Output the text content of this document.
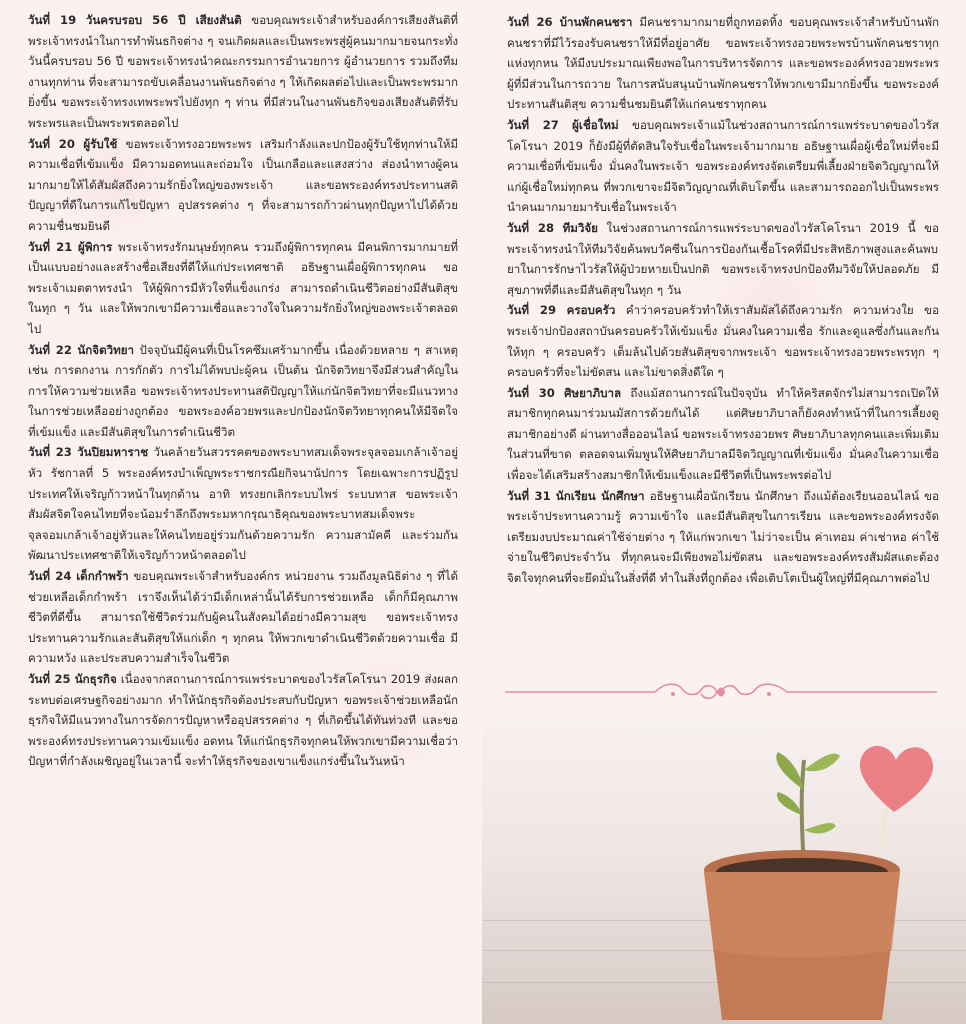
วันที่ 19 วันครบรอบ 56 ปี เสียงสันติ ขอบคุณพระเจ้าสำหรับองค์การเสียงสันติที่พระเจ้าทรงนำในการทำพันธกิจต่าง ๆ จนเกิดผลและเป็นพระพรสู่ผู้คนมากมายจนกระทั่งวันนี้ครบรอบ 56 ปี ขอพระเจ้าทรงนำคณะกรรมการอำนวยการ ผู้อำนวยการ รวมถึงทีมงานทุกท่าน ที่จะสามารถขับเคลื่อนงานพันธกิจต่าง ๆ ให้เกิดผลต่อไปและเป็นพระพรมากยิ่งขึ้น ขอพระเจ้าทรงเทพระพรไปยังทุก ๆ ท่าน ที่มีส่วนในงานพันธกิจของเสียงสันติที่รับพระพรและเป็นพระพรตลอดไป

วันที่ 20 ผู้รับใช้ ขอพระเจ้าทรงอวยพระพร เสริมกำลังและปกป้องผู้รับใช้ทุกท่านให้มีความเชื่อที่เข้มแข็ง มีความอดทนและถ่อมใจ เป็นเกลือและแสงสว่าง ส่องนำทางผู้คนมากมายให้ได้สัมผัสถึงความรักยิ่งใหญ่ของพระเจ้า และขอพระองค์ทรงประทานสติปัญญาที่ดีในการแก้ไขปัญหา อุปสรรคต่าง ๆ ที่จะสามารถก้าวผ่านทุกปัญหาไปได้ด้วยความชื่นชมยินดี

วันที่ 21 ผู้พิการ พระเจ้าทรงรักมนุษย์ทุกคน รวมถึงผู้พิการทุกคน มีคนพิการมากมายที่เป็นแบบอย่างและสร้างชื่อเสียงที่ดีให้แก่ประเทศชาติ อธิษฐานเผื่อผู้พิการทุกคน ขอพระเจ้าเมตตาทรงนำ ให้ผู้พิการมีหัวใจที่แข็งแกร่ง สามารถดำเนินชีวิตอย่างมีสันติสุขในทุก ๆ วัน และให้พวกเขามีความเชื่อและวางใจในความรักยิ่งใหญ่ของพระเจ้าตลอดไป

วันที่ 22 นักจิตวิทยา ปัจจุบันมีผู้คนที่เป็นโรคซึมเศร้ามากขึ้น เนื่องด้วยหลาย ๆ สาเหตุ เช่น การตกงาน การกักตัว การไม่ได้พบปะผู้คน เป็นต้น นักจิตวิทยาจึงมีส่วนสำคัญในการให้ความช่วยเหลือ ขอพระเจ้าทรงประทานสติปัญญาให้แก่นักจิตวิทยาที่จะมีแนวทางในการช่วยเหลืออย่างถูกต้อง ขอพระองค์อวยพรและปกป้องนักจิตวิทยาทุกคนให้มีจิตใจ ที่เข้มแข็ง และมีสันติสุขในการดำเนินชีวิต

วันที่ 23 วันปิยมหาราช วันคล้ายวันสวรรคตของพระบาทสมเด็จพระจุลจอมเกล้าเจ้าอยู่หัว รัชกาลที่ 5 พระองค์ทรงบำเพ็ญพระราชกรณียกิจนานัปการ โดยเฉพาะการปฏิรูปประเทศให้เจริญก้าวหน้าในทุกด้าน อาทิ ทรงยกเลิกระบบไพร่ ระบบทาส ขอพระเจ้าสัมผัสจิตใจคนไทยที่จะน้อมรำลึกถึงพระมหากรุณาธิคุณของพระบาทสมเด็จพระจุลจอมเกล้าเจ้าอยู่หัวและให้คนไทยอยู่ร่วมกันด้วยความรัก ความสามัคคี และร่วมกันพัฒนาประเทศชาติให้เจริญก้าวหน้าตลอดไป

วันที่ 24 เด็กกำพร้า ขอบคุณพระเจ้าสำหรับองค์กร หน่วยงาน รวมถึงมูลนิธิต่าง ๆ ที่ได้ช่วยเหลือเด็กกำพร้า เราจึงเห็นได้ว่ามีเด็กเหล่านั้นได้รับการช่วยเหลือ เด็กก็มีคุณภาพชีวิตที่ดีขึ้น สามารถใช้ชีวิตร่วมกับผู้คนในสังคมได้อย่างมีความสุข ขอพระเจ้าทรงประทานความรักและสันติสุขให้แก่เด็ก ๆ ทุกคน ให้พวกเขาดำเนินชีวิตด้วยความเชื่อ มีความหวัง และประสบความสำเร็จในชีวิต

วันที่ 25 นักธุรกิจ เนื่องจากสถานการณ์การแพร่ระบาดของไวรัสโคโรนา 2019 ส่งผลกระทบต่อเศรษฐกิจอย่างมาก ทำให้นักธุรกิจต้องประสบกับปัญหา ขอพระเจ้าช่วยเหลือนักธุรกิจให้มีแนวทางในการจัดการปัญหาหรืออุปสรรคต่าง ๆ ที่เกิดขึ้นได้ทันท่วงที และขอพระองค์ทรงประทานความเข้มแข็ง อดทน ให้แก่นักธุรกิจทุกคนให้พวกเขามีความเชื่อว่าปัญหาที่กำลังเผชิญอยู่ในเวลานี้ จะทำให้ธุรกิจของเขาแข็งแกร่งขึ้นในวันหน้า

วันที่ 26 บ้านพักคนชรา มีคนชรามากมายที่ถูกทอดทิ้ง ขอบคุณพระเจ้าสำหรับบ้านพักคนชราที่มีไว้รองรับคนชราให้มีที่อยู่อาศัย ขอพระเจ้าทรงอวยพระพรบ้านพักคนชราทุกแห่งทุกหน ให้มีงบประมาณเพียงพอในการบริหารจัดการ และขอพระองค์ทรงอวยพระพรผู้ที่มีส่วนในการถวาย ในการสนับสนุนบ้านพักคนชราให้พวกเขามีมากยิ่งขึ้น ขอพระองค์ประทานสันติสุข ความชื่นชมยินดีให้แก่คนชราทุกคน

วันที่ 27 ผู้เชื่อใหม่ ขอบคุณพระเจ้าแม้ในช่วงสถานการณ์การแพร่ระบาดของไวรัสโคโรนา 2019 ก็ยังมีผู้ที่ตัดสินใจรับเชื่อในพระเจ้ามากมาย อธิษฐานเผื่อผู้เชื่อใหม่ที่จะมีความเชื่อที่เข้มแข็ง มั่นคงในพระเจ้า ขอพระองค์ทรงจัดเตรียมพี่เลี้ยงฝ่ายจิตวิญญาณให้แก่ผู้เชื่อใหม่ทุกคน ที่พวกเขาจะมีจิตวิญญาณที่เติบโตขึ้น และสามารถออกไปเป็นพระพรนำคนมากมายมารับเชื่อในพระเจ้า

วันที่ 28 ทีมวิจัย ในช่วงสถานการณ์การแพร่ระบาดของไวรัสโคโรนา 2019 นี้ ขอพระเจ้าทรงนำให้ทีมวิจัยค้นพบวัคซีนในการป้องกันเชื้อโรคที่มีประสิทธิภาพสูงและค้นพบยาในการรักษาไวรัสให้ผู้ป่วยหายเป็นปกติ ขอพระเจ้าทรงปกป้องทีมวิจัยให้ปลอดภัย มีสุขภาพที่ดีและมีสันติสุขในทุก ๆ วัน

วันที่ 29 ครอบครัว คำว่าครอบครัวทำให้เราสัมผัสได้ถึงความรัก ความห่วงใย ขอพระเจ้าปกป้องสถาบันครอบครัวให้เข้มแข็ง มั่นคงในความเชื่อ รักและดูแลซึ่งกันและกัน ให้ทุก ๆ ครอบครัว เต็มล้นไปด้วยสันติสุขจากพระเจ้า ขอพระเจ้าทรงอวยพระพรทุก ๆ ครอบครัวที่จะไม่ขัดสน และไม่ขาดสิ่งดีใด ๆ

วันที่ 30 ศิษยาภิบาล ถึงแม้สถานการณ์ในปัจจุบัน ทำให้คริสตจักรไม่สามารถเปิดให้สมาชิกทุกคนมาร่วมนมัสการด้วยกันได้ แต่ศิษยาภิบาลก็ยังคงทำหน้าที่ในการเลี้ยงดูสมาชิกอย่างดี ผ่านทางสื่อออนไลน์ ขอพระเจ้าทรงอวยพร ศิษยาภิบาลทุกคนและเพิ่มเติมในส่วนที่ขาด ตลอดจนเพิ่มพูนให้ศิษยาภิบาลมีจิตวิญญาณที่เข้มแข็ง มั่นคงในความเชื่อ เพื่อจะได้เสริมสร้างสมาชิกให้เข้มแข็งและมีชีวิตที่เป็นพระพรต่อไป

วันที่ 31 นักเรียน นักศึกษา อธิษฐานเผื่อนักเรียน นักศึกษา ถึงแม้ต้องเรียนออนไลน์ ขอพระเจ้าประทานความรู้ ความเข้าใจ และมีสันติสุขในการเรียน และขอพระองค์ทรงจัดเตรียมงบประมาณค่าใช้จ่ายต่าง ๆ ให้แก่พวกเขา ไม่ว่าจะเป็น ค่าเทอม ค่าเช่าหอ ค่าใช้จ่ายในชีวิตประจำวัน ที่ทุกคนจะมีเพียงพอไม่ขัดสน และขอพระองค์ทรงสัมผัสแตะต้องจิตใจทุกคนที่จะยึดมั่นในสิ่งที่ดี ทำในสิ่งที่ถูกต้อง เพื่อเติบโตเป็นผู้ใหญ่ที่มีคุณภาพต่อไป
